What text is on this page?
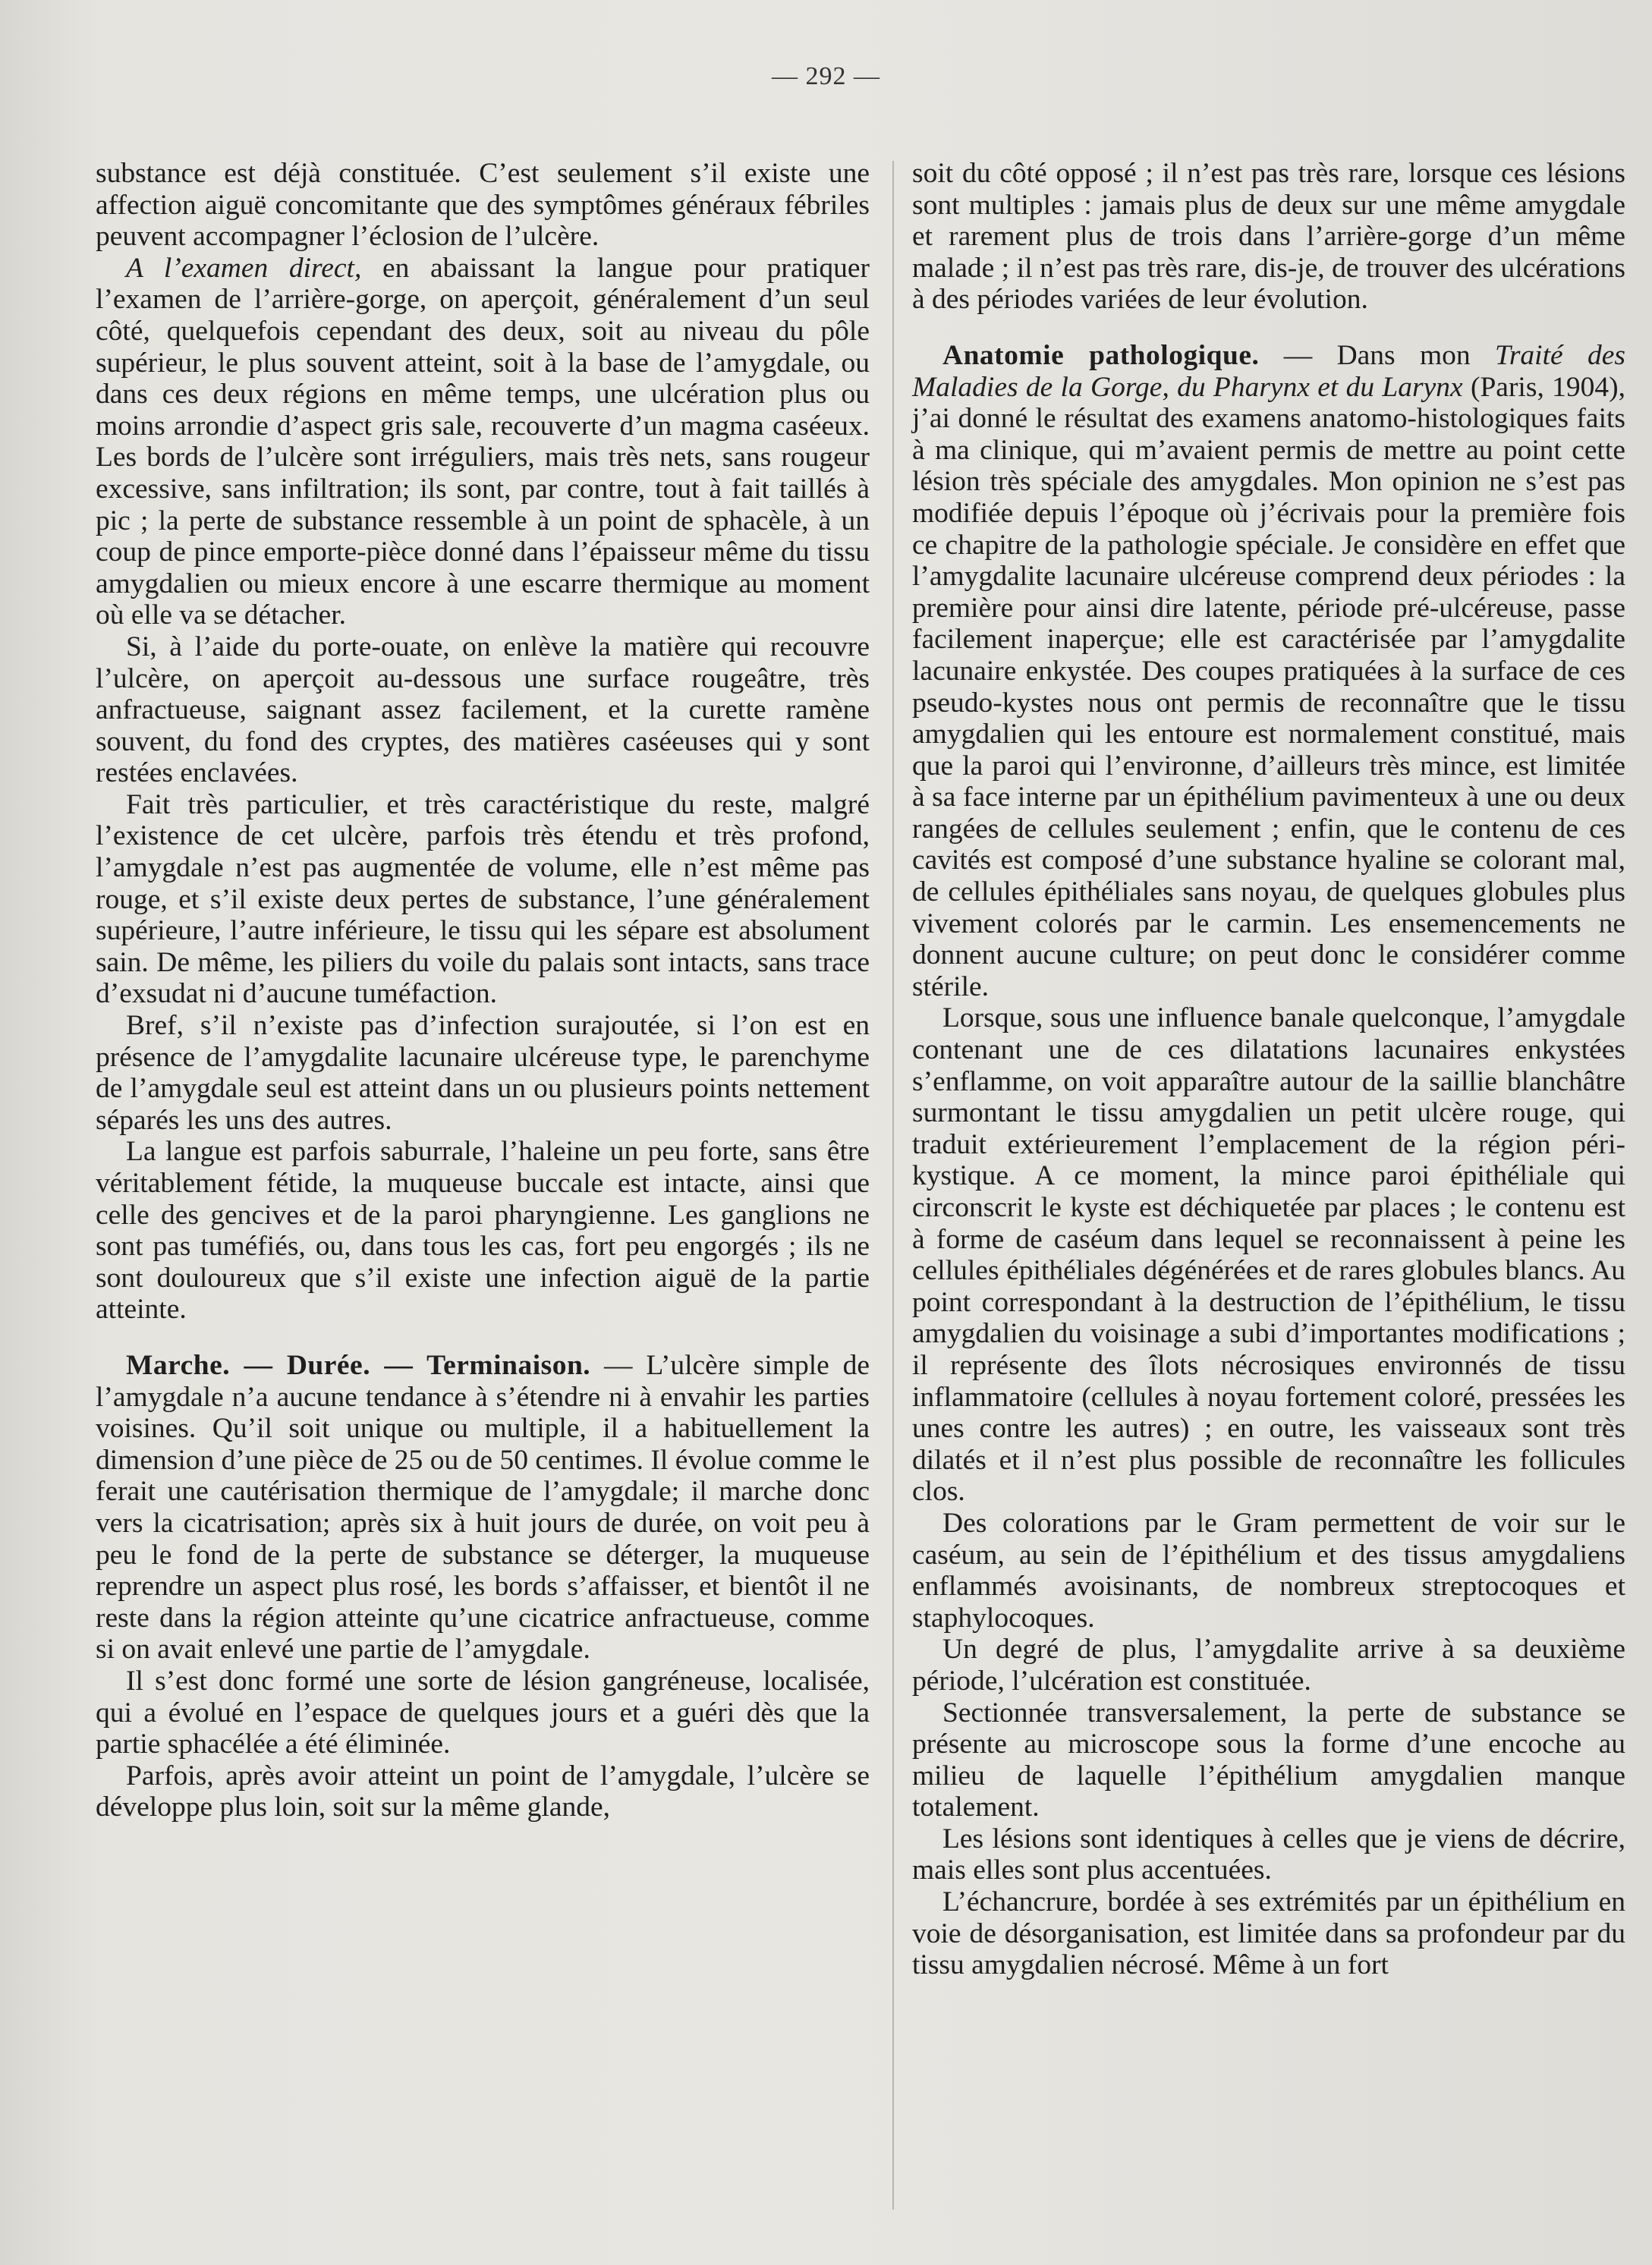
— 292 —

substance est déjà constituée. C’est seulement s’il existe une affection aiguë concomitante que des symptômes généraux fébriles peuvent accompagner l’éclosion de l’ulcère.

A l’examen direct, en abaissant la langue pour pratiquer l’examen de l’arrière-gorge, on aperçoit, généralement d’un seul côté, quelquefois cependant des deux, soit au niveau du pôle supérieur, le plus souvent atteint, soit à la base de l’amygdale, ou dans ces deux régions en même temps, une ulcération plus ou moins arrondie d’aspect gris sale, recouverte d’un magma caséeux. Les bords de l’ulcère sont irréguliers, mais très nets, sans rougeur excessive, sans infiltration; ils sont, par contre, tout à fait taillés à pic ; la perte de substance ressemble à un point de sphacèle, à un coup de pince emporte-pièce donné dans l’épaisseur même du tissu amygdalien ou mieux encore à une escarre thermique au moment où elle va se détacher.

Si, à l’aide du porte-ouate, on enlève la matière qui recouvre l’ulcère, on aperçoit au-dessous une surface rougeâtre, très anfractueuse, saignant assez facilement, et la curette ramène souvent, du fond des cryptes, des matières caséeuses qui y sont restées enclavées.

Fait très particulier, et très caractéristique du reste, malgré l’existence de cet ulcère, parfois très étendu et très profond, l’amygdale n’est pas augmentée de volume, elle n’est même pas rouge, et s’il existe deux pertes de substance, l’une généralement supérieure, l’autre inférieure, le tissu qui les sépare est absolument sain. De même, les piliers du voile du palais sont intacts, sans trace d’exsudat ni d’aucune tuméfaction.

Bref, s’il n’existe pas d’infection surajoutée, si l’on est en présence de l’amygdalite lacunaire ulcéreuse type, le parenchyme de l’amygdale seul est atteint dans un ou plusieurs points nettement séparés les uns des autres.

La langue est parfois saburrale, l’haleine un peu forte, sans être véritablement fétide, la muqueuse buccale est intacte, ainsi que celle des gencives et de la paroi pharyngienne. Les ganglions ne sont pas tuméfiés, ou, dans tous les cas, fort peu engorgés ; ils ne sont douloureux que s’il existe une infection aiguë de la partie atteinte.

Marche. — Durée. — Terminaison. — L’ulcère simple de l’amygdale n’a aucune tendance à s’étendre ni à envahir les parties voisines. Qu’il soit unique ou multiple, il a habituellement la dimension d’une pièce de 25 ou de 50 centimes. Il évolue comme le ferait une cautérisation thermique de l’amygdale; il marche donc vers la cicatrisation; après six à huit jours de durée, on voit peu à peu le fond de la perte de substance se déterger, la muqueuse reprendre un aspect plus rosé, les bords s’affaisser, et bientôt il ne reste dans la région atteinte qu’une cicatrice anfractueuse, comme si on avait enlevé une partie de l’amygdale.

Il s’est donc formé une sorte de lésion gangréneuse, localisée, qui a évolué en l’espace de quelques jours et a guéri dès que la partie sphacélée a été éliminée.

Parfois, après avoir atteint un point de l’amygdale, l’ulcère se développe plus loin, soit sur la même glande,

soit du côté opposé ; il n’est pas très rare, lorsque ces lésions sont multiples : jamais plus de deux sur une même amygdale et rarement plus de trois dans l’arrière-gorge d’un même malade ; il n’est pas très rare, dis-je, de trouver des ulcérations à des périodes variées de leur évolution.

Anatomie pathologique. — Dans mon Traité des Maladies de la Gorge, du Pharynx et du Larynx (Paris, 1904), j’ai donné le résultat des examens anatomo-histologiques faits à ma clinique, qui m’avaient permis de mettre au point cette lésion très spéciale des amygdales. Mon opinion ne s’est pas modifiée depuis l’époque où j’écrivais pour la première fois ce chapitre de la pathologie spéciale. Je considère en effet que l’amygdalite lacunaire ulcéreuse comprend deux périodes : la première pour ainsi dire latente, période pré-ulcéreuse, passe facilement inaperçue; elle est caractérisée par l’amygdalite lacunaire enkystée. Des coupes pratiquées à la surface de ces pseudo-kystes nous ont permis de reconnaître que le tissu amygdalien qui les entoure est normalement constitué, mais que la paroi qui l’environne, d’ailleurs très mince, est limitée à sa face interne par un épithélium pavimenteux à une ou deux rangées de cellules seulement ; enfin, que le contenu de ces cavités est composé d’une substance hyaline se colorant mal, de cellules épithéliales sans noyau, de quelques globules plus vivement colorés par le carmin. Les ensemencements ne donnent aucune culture; on peut donc le considérer comme stérile.

Lorsque, sous une influence banale quelconque, l’amygdale contenant une de ces dilatations lacunaires enkystées s’enflamme, on voit apparaître autour de la saillie blanchâtre surmontant le tissu amygdalien un petit ulcère rouge, qui traduit extérieurement l’emplacement de la région péri-kystique. A ce moment, la mince paroi épithéliale qui circonscrit le kyste est déchiquetée par places ; le contenu est à forme de caséum dans lequel se reconnaissent à peine les cellules épithéliales dégénérées et de rares globules blancs. Au point correspondant à la destruction de l’épithélium, le tissu amygdalien du voisinage a subi d’importantes modifications ; il représente des îlots nécrosiques environnés de tissu inflammatoire (cellules à noyau fortement coloré, pressées les unes contre les autres) ; en outre, les vaisseaux sont très dilatés et il n’est plus possible de reconnaître les follicules clos.

Des colorations par le Gram permettent de voir sur le caséum, au sein de l’épithélium et des tissus amygdaliens enflammés avoisinants, de nombreux streptocoques et staphylocoques.

Un degré de plus, l’amygdalite arrive à sa deuxième période, l’ulcération est constituée.

Sectionnée transversalement, la perte de substance se présente au microscope sous la forme d’une encoche au milieu de laquelle l’épithélium amygdalien manque totalement.

Les lésions sont identiques à celles que je viens de décrire, mais elles sont plus accentuées.

L’échancrure, bordée à ses extrémités par un épithélium en voie de désorganisation, est limitée dans sa profondeur par du tissu amygdalien nécrosé. Même à un fort
